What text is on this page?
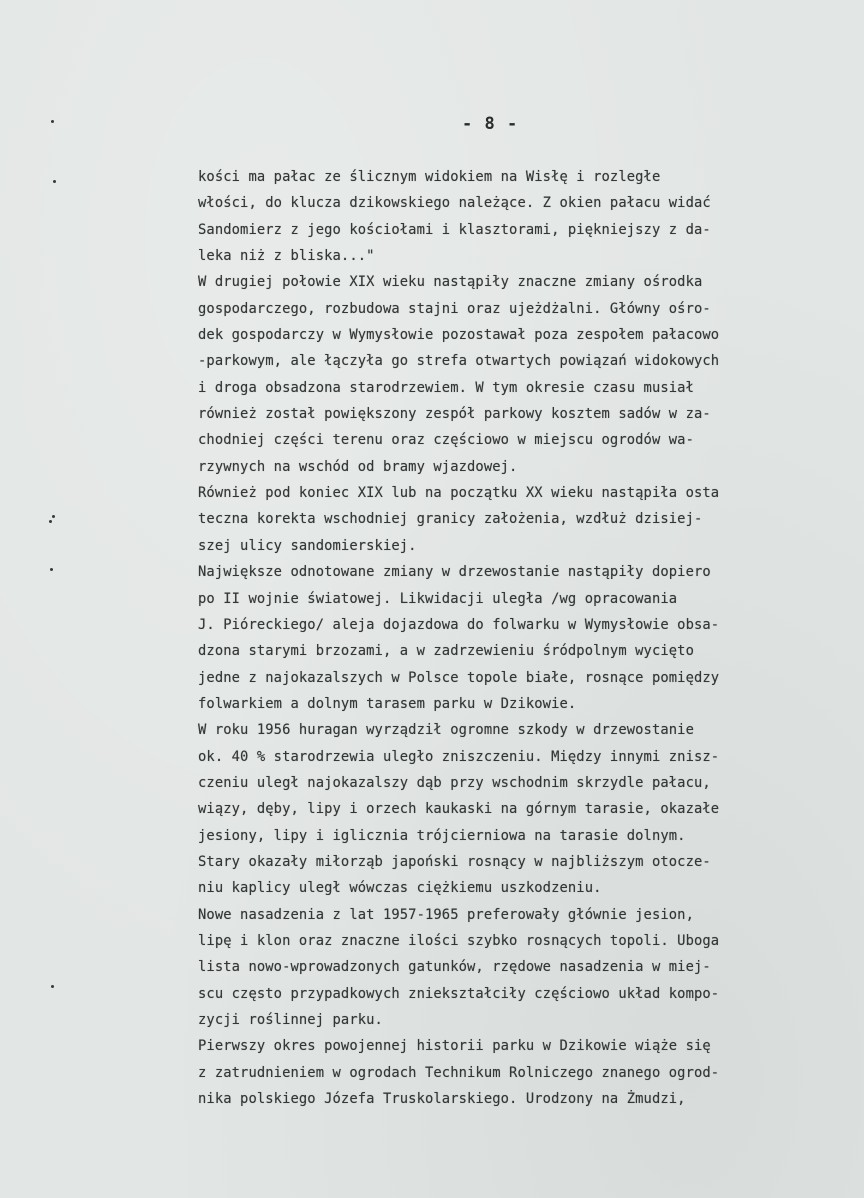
- 8 -
kości ma pałac ze ślicznym widokiem na Wisłę i rozległe
włości, do klucza dzikowskiego należące. Z okien pałacu widać
Sandomierz z jego kościołami i klasztorami, piękniejszy z da-
leka niż z bliska..."
W drugiej połowie XIX wieku nastąpiły znaczne zmiany ośrodka
gospodarczego, rozbudowa stajni oraz ujeżdżalni. Główny ośro-
dek gospodarczy w Wymysłowie pozostawał poza zespołem pałacowo
-parkowym, ale łączyła go strefa otwartych powiązań widokowych
i droga obsadzona starodrzewiem. W tym okresie czasu musiał
również został powiększony zespół parkowy kosztem sadów w za-
chodniej części terenu oraz częściowo w miejscu ogrodów wa-
rzywnych na wschód od bramy wjazdowej.
Również pod koniec XIX lub na początku XX wieku nastąpiła osta
teczna korekta wschodniej granicy założenia, wzdłuż dzisiej-
szej ulicy sandomierskiej.
Największe odnotowane zmiany w drzewostanie nastąpiły dopiero
po II wojnie światowej. Likwidacji uległa /wg opracowania
J. Pióreckiego/ aleja dojazdowa do folwarku w Wymysłowie obsa-
dzona starymi brzozami, a w zadrzewieniu śródpolnym wycięto
jedne z najokazalszych w Polsce topole białe, rosnące pomiędzy
folwarkiem a dolnym tarasem parku w Dzikowie.
W roku 1956 huragan wyrządził ogromne szkody w drzewostanie
ok. 40 % starodrzewia uległo zniszczeniu. Między innymi znisz-
czeniu uległ najokazalszy dąb przy wschodnim skrzydle pałacu,
wiązy, dęby, lipy i orzech kaukaski na górnym tarasie, okazałe
jesiony, lipy i iglicznia trójcierniowa na tarasie dolnym.
Stary okazały miłorząb japoński rosnący w najbliższym otocze-
niu kaplicy uległ wówczas ciężkiemu uszkodzeniu.
Nowe nasadzenia z lat 1957-1965 preferowały głównie jesion,
lipę i klon oraz znaczne ilości szybko rosnących topoli. Uboga
lista nowo-wprowadzonych gatunków, rzędowe nasadzenia w miej-
scu często przypadkowych zniekształciły częściowo układ kompo-
zycji roślinnej parku.
Pierwszy okres powojennej historii parku w Dzikowie wiąże się
z zatrudnieniem w ogrodach Technikum Rolniczego znanego ogrod-
nika polskiego Józefa Truskolarskiego. Urodzony na Żmudzi,
